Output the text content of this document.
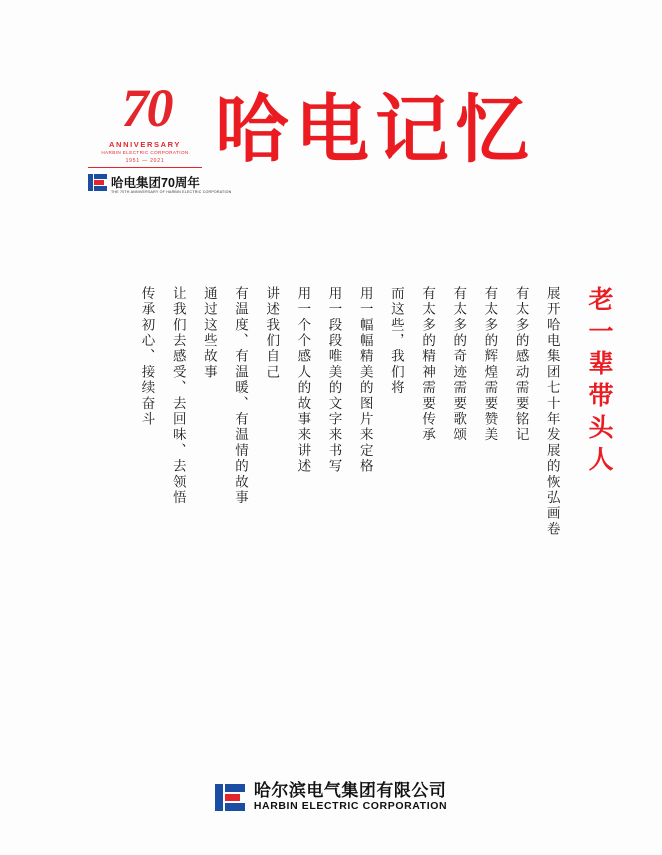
70
ANNIVERSARY
HARBIN ELECTRIC CORPORATION
1951 — 2021
哈电集团70周年
THE 70TH ANNIVERSARY OF HARBIN ELECTRIC CORPORATION
哈电记忆
老一辈带头人
展开哈电集团七十年发展的恢弘画卷
有太多的感动需要铭记
有太多的辉煌需要赞美
有太多的奇迹需要歌颂
有太多的精神需要传承
而这些，我们将
用一幅幅精美的图片来定格
用一段段唯美的文字来书写
用一个个感人的故事来讲述
讲述我们自己
有温度、有温暖、有温情的故事
通过这些故事
让我们去感受、去回味、去领悟
传承初心、接续奋斗
哈尔滨电气集团有限公司
HARBIN ELECTRIC CORPORATION
